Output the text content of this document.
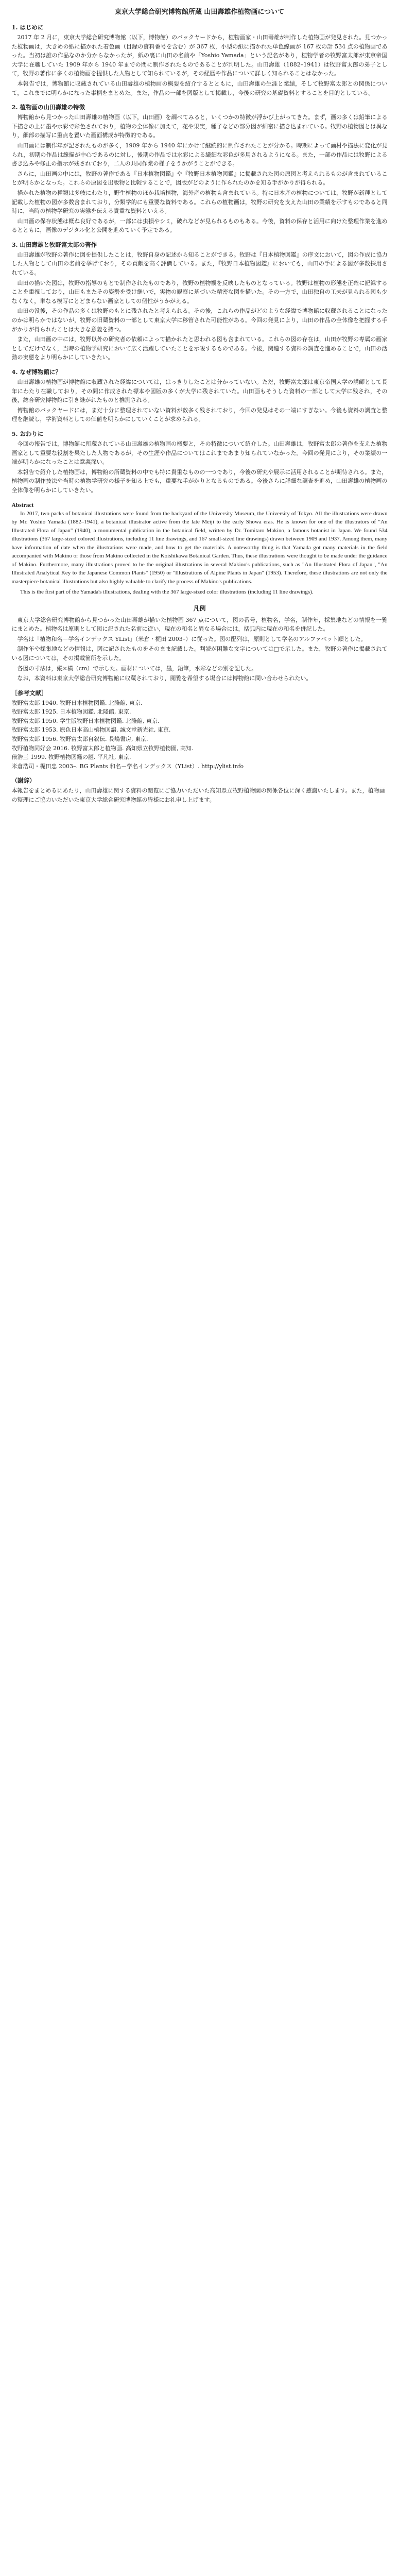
東京大学総合研究博物館所蔵 山田壽雄作植物画について
1. はじめに

2017 年 2 月に，東京大学総合研究博物館（以下，博物館）のバックヤードから，植物画家・山田壽雄が制作した植物画が発見された。見つかった植物画は，大きめの紙に描かれた着色画（目録の資料番号を含む）が 367 枚，小型の紙に描かれた単色線画が 167 枚の計 534 点の植物画であった。当初は誰の作品なのか分からなかったが，紙の裏に山田の名前や「Yoshio Yamada」という記名があり，植物学者の牧野富太郎が東京帝国大学に在職していた 1909 年から 1940 年までの間に制作されたものであることが判明した。山田壽雄（1882–1941）は牧野富太郎の弟子として，牧野の著作に多くの植物画を提供した人物として知られているが，その経歴や作品について詳しく知られることはなかった。

本報告では，博物館に収蔵されている山田壽雄の植物画の概要を紹介するとともに，山田壽雄の生涯と業績，そして牧野富太郎との関係について，これまでに明らかになった事柄をまとめた。また，作品の一部を図版として掲載し，今後の研究の基礎資料とすることを目的としている。

2. 植物画の山田壽雄の特徴

博物館から見つかった山田壽雄の植物画（以下，山田画）を調べてみると，いくつかの特徴が浮かび上がってきた。まず，画の多くは鉛筆による下描きの上に墨や水彩で彩色されており，植物の全体像に加えて，花や果実，種子などの部分図が細密に描き込まれている。牧野の植物図とは異なり，細部の描写に重点を置いた画面構成が特徴的である。

山田画には制作年が記されたものが多く，1909 年から 1940 年にかけて継続的に制作されたことが分かる。時期によって画材や描法に変化が見られ，初期の作品は線描が中心であるのに対し，後期の作品では水彩による繊細な彩色が多用されるようになる。また，一部の作品には牧野による書き込みや修正の指示が残されており，二人の共同作業の様子をうかがうことができる。

さらに，山田画の中には，牧野の著作である『日本植物図鑑』や『牧野日本植物図鑑』に掲載された図の原図と考えられるものが含まれていることが明らかとなった。これらの原図を出版物と比較することで，図版がどのように作られたのかを知る手がかりが得られる。

描かれた植物の種類は多岐にわたり，野生植物のほか栽培植物，海外産の植物も含まれている。特に日本産の植物については，牧野が新種として記載した植物の図が多数含まれており，分類学的にも重要な資料である。これらの植物画は，牧野の研究を支えた山田の業績を示すものであると同時に，当時の植物学研究の実態を伝える貴重な資料といえる。

山田画の保存状態は概ね良好であるが，一部には虫損やシミ，破れなどが見られるものもある。今後，資料の保存と活用に向けた整理作業を進めるとともに，画像のデジタル化と公開を進めていく予定である。

3. 山田壽雄と牧野富太郎の著作

山田壽雄が牧野の著作に図を提供したことは，牧野自身の記述から知ることができる。牧野は『日本植物図鑑』の序文において，図の作成に協力した人物として山田の名前を挙げており，その貢献を高く評価している。また，『牧野日本植物図鑑』においても，山田の手による図が多数採用されている。

山田の描いた図は，牧野の指導のもとで制作されたものであり，牧野の植物観を反映したものとなっている。牧野は植物の形態を正確に記録することを重視しており，山田もまたその姿勢を受け継いで，実物の観察に基づいた精密な図を描いた。その一方で，山田独自の工夫が見られる図も少なくなく，単なる模写にとどまらない画家としての個性がうかがえる。

山田の没後，その作品の多くは牧野のもとに残されたと考えられる。その後，これらの作品がどのような経緯で博物館に収蔵されることになったのかは明らかではないが，牧野の旧蔵資料の一部として東京大学に移管された可能性がある。今回の発見により，山田の作品の全体像を把握する手がかりが得られたことは大きな意義を持つ。

また，山田画の中には，牧野以外の研究者の依頼によって描かれたと思われる図も含まれている。これらの図の存在は，山田が牧野の専属の画家としてだけでなく，当時の植物学研究において広く活躍していたことを示唆するものである。今後，関連する資料の調査を進めることで，山田の活動の実態をより明らかにしていきたい。

4. なぜ博物館に？

山田壽雄の植物画が博物館に収蔵された経緯については，はっきりしたことは分かっていない。ただ，牧野富太郎は東京帝国大学の講師として長年にわたり在職しており，その間に作成された標本や図版の多くが大学に残されていた。山田画もそうした資料の一部として大学に残され，その後，総合研究博物館に引き継がれたものと推測される。

博物館のバックヤードには，まだ十分に整理されていない資料が数多く残されており，今回の発見はその一端にすぎない。今後も資料の調査と整理を継続し，学術資料としての価値を明らかにしていくことが求められる。

5. おわりに

今回の報告では，博物館に所蔵されている山田壽雄の植物画の概要と，その特徴について紹介した。山田壽雄は，牧野富太郎の著作を支えた植物画家として重要な役割を果たした人物であるが，その生涯や作品についてはこれまであまり知られていなかった。今回の発見により，その業績の一端が明らかになったことは意義深い。

本報告で紹介した植物画は，博物館の所蔵資料の中でも特に貴重なものの一つであり，今後の研究や展示に活用されることが期待される。また，植物画の制作技法や当時の植物学研究の様子を知る上でも，重要な手がかりとなるものである。今後さらに詳細な調査を進め，山田壽雄の植物画の全体像を明らかにしていきたい。

Abstract

In 2017, two packs of botanical illustrations were found from the backyard of the University Museum, the University of Tokyo. All the illustrations were drawn by Mr. Yoshio Yamada (1882–1941), a botanical illustrator active from the late Meiji to the early Showa eras. He is known for one of the illustrators of "An Illustrated Flora of Japan" (1940), a monumental publication in the botanical field, written by Dr. Tomitaro Makino, a famous botanist in Japan. We found 534 illustrations (367 large-sized colored illustrations, including 11 line drawings, and 167 small-sized line drawings) drawn between 1909 and 1937. Among them, many have information of date when the illustrations were made, and how to get the materials. A noteworthy thing is that Yamada got many materials in the field accompanied with Makino or those from Makino collected in the Koishikawa Botanical Garden. Thus, these illustrations were thought to be made under the guidance of Makino. Furthermore, many illustrations proved to be the original illustrations in several Makino's publications, such as "An Illustrated Flora of Japan", "An Illustrated Analytical Key to the Japanese Common Plants" (1950) or "Illustrations of Alpine Plants in Japan" (1953). Therefore, these illustrations are not only the masterpiece botanical illustrations but also highly valuable to clarify the process of Makino's publications.

This is the first part of the Yamada's illustrations, dealing with the 367 large-sized color illustrations (including 11 line drawings).

凡例

東京大学総合研究博物館から見つかった山田壽雄が描いた植物画 367 点について，図の番号，植物名，学名，制作年，採集地などの情報を一覧にまとめた。植物名は原則として図に記された名前に従い，現在の和名と異なる場合には，括弧内に現在の和名を併記した。

学名は「植物和名－学名インデックス YList」（米倉・梶田 2003–）に従った。図の配列は，原則として学名のアルファベット順とした。

制作年や採集地などの情報は，図に記されたものをそのまま記載した。判読が困難な文字については□で示した。また，牧野の著作に掲載されている図については，その掲載箇所を示した。

各図の寸法は，縦×横（cm）で示した。画材については，墨，鉛筆，水彩などの別を記した。

なお，本資料は東京大学総合研究博物館に収蔵されており，閲覧を希望する場合には博物館に問い合わせられたい。

［参考文献］

牧野富太郎 1940. 牧野日本植物図鑑. 北隆館, 東京.

牧野富太郎 1925. 日本植物図鑑. 北隆館, 東京.

牧野富太郎 1950. 学生版牧野日本植物図鑑. 北隆館, 東京.

牧野富太郎 1953. 原色日本高山植物図譜. 誠文堂新光社, 東京.

牧野富太郎 1956. 牧野富太郎自叙伝. 長嶋書房, 東京.

牧野植物同好会 2016. 牧野富太郎と植物画. 高知県立牧野植物園, 高知.

俵浩三 1999. 牧野植物図鑑の謎. 平凡社, 東京.

米倉浩司・梶田忠 2003–. BG Plants 和名－学名インデックス（YList）. http://ylist.info

（謝辞）

本報告をまとめるにあたり，山田壽雄に関する資料の閲覧にご協力いただいた高知県立牧野植物園の関係各位に深く感謝いたします。また，植物画の整理にご協力いただいた東京大学総合研究博物館の皆様にお礼申し上げます。
